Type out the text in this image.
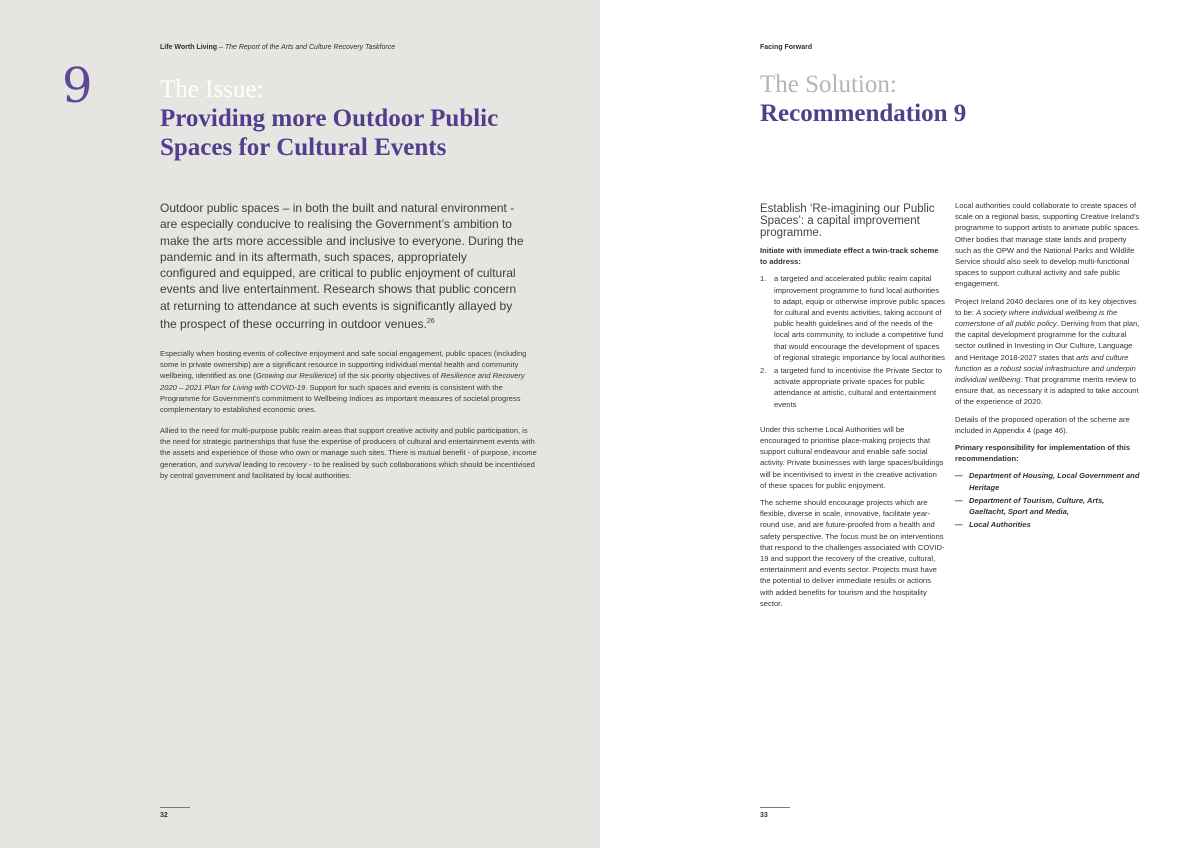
Life Worth Living – The Report of the Arts and Culture Recovery Taskforce
9	The Issue:

Providing more Outdoor Public

Spaces for Cultural Events

Outdoor public spaces – in both the built and natural environment - are especially conducive to realising the Government’s ambition to make the arts more accessible and inclusive to everyone. During the pandemic and in its aftermath, such spaces, appropriately configured and equipped, are critical to public enjoyment of cultural events and live entertainment. Research shows that public concern at returning to attendance at such events is significantly allayed by the prospect of these occurring in outdoor venues.$^{26}$

Especially when hosting events of collective enjoyment and safe social engagement, public spaces (including some in private ownership) are a significant resource in supporting individual mental health and community wellbeing, identified as one (Growing our Resilience) of the six priority objectives of Resilience and Recovery 2020 – 2021 Plan for Living with COVID-19. Support for such spaces and events is consistent with the Programme for Government’s commitment to Wellbeing Indices as important measures of societal progress complementary to established economic ones.

Allied to the need for multi-purpose public realm areas that support creative activity and public participation, is the need for strategic partnerships that fuse the expertise of producers of cultural and entertainment events with the assets and experience of those who own or manage such sites. There is mutual benefit - of purpose, income generation, and survival leading to recovery - to be realised by such collaborations which should be incentivised by central government and facilitated by local authorities.

32
Facing Forward

The Solution:

Recommendation 9

Establish ‘Re-imagining our Public Spaces’: a capital improvement programme.

Initiate with immediate effect a twin-track scheme to address:

1. a targeted and accelerated public realm capital improvement programme to fund local authorities to adapt, equip or otherwise improve public spaces for cultural and events activities, taking account of public health guidelines and of the needs of the local arts community, to include a competitive fund that would encourage the development of spaces of regional strategic importance by local authorities
2. a targeted fund to incentivise the Private Sector to activate appropriate private spaces for public attendance at artistic, cultural and entertainment events

Under this scheme Local Authorities will be encouraged to prioritise place-making projects that support cultural endeavour and enable safe social activity. Private businesses with large spaces/buildings will be incentivised to invest in the creative activation of these spaces for public enjoyment.

The scheme should encourage projects which are flexible, diverse in scale, innovative, facilitate year-round use, and are future-proofed from a health and safety perspective. The focus must be on interventions that respond to the challenges associated with COVID-19 and support the recovery of the creative, cultural, entertainment and events sector. Projects must have the potential to deliver immediate results or actions with added benefits for tourism and the hospitality sector.

Local authorities could collaborate to create spaces of scale on a regional basis, supporting Creative Ireland’s programme to support artists to animate public spaces. Other bodies that manage state lands and property such as the OPW and the National Parks and Wildlife Service should also seek to develop multi-functional spaces to support cultural activity and safe public engagement.

Project Ireland 2040 declares one of its key objectives to be: A society where individual wellbeing is the cornerstone of all public policy. Deriving from that plan, the capital development programme for the cultural sector outlined in Investing in Our Culture, Language and Heritage 2018-2027 states that arts and culture function as a robust social infrastructure and underpin individual wellbeing. That programme merits review to ensure that, as necessary it is adapted to take account of the experience of 2020.

Details of the proposed operation of the scheme are included in Appendix 4 (page 46).

Primary responsibility for implementation of this recommendation:

— Department of Housing, Local Government and Heritage
— Department of Tourism, Culture, Arts, Gaeltacht, Sport and Media,
— Local Authorities
33
